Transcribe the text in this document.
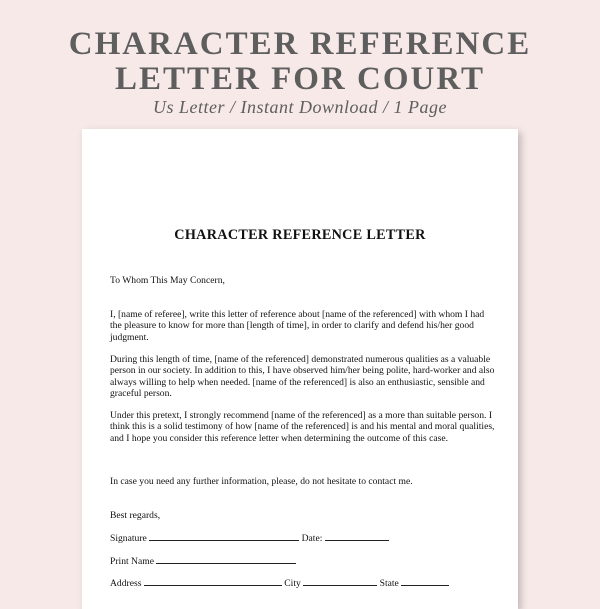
CHARACTER REFERENCE
LETTER FOR COURT
Us Letter / Instant Download / 1 Page
CHARACTER REFERENCE LETTER

To Whom This May Concern,

I, [name of referee], write this letter of reference about [name of the referenced] with whom I had the pleasure to know for more than [length of time], in order to clarify and defend his/her good judgment.

During this length of time, [name of the referenced] demonstrated numerous qualities as a valuable person in our society. In addition to this, I have observed him/her being polite, hard-worker and also always willing to help when needed. [name of the referenced] is also an enthusiastic, sensible and graceful person.

Under this pretext, I strongly recommend [name of the referenced] as a more than suitable person. I think this is a solid testimony of how [name of the referenced] is and his mental and moral qualities, and I hope you consider this reference letter when determining the outcome of this case.

In case you need any further information, please, do not hesitate to contact me.

Best regards,

Signature	Date:
Print Name
Address	City	State
